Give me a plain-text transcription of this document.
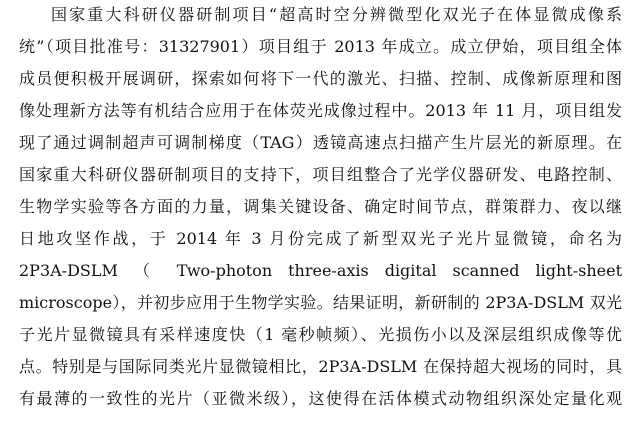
国家重大科研仪器研制项目“超高时空分辨微型化双光子在体显微成像系
统”（项目批准号：31327901）项目组于 2013 年成立。成立伊始，项目组全体
成员便积极开展调研，探索如何将下一代的激光、扫描、控制、成像新原理和图
像处理新方法等有机结合应用于在体荧光成像过程中。2013 年 11 月，项目组发
现了通过调制超声可调制梯度（TAG）透镜高速点扫描产生片层光的新原理。在
国家重大科研仪器研制项目的支持下，项目组整合了光学仪器研发、电路控制、
生物学实验等各方面的力量，调集关键设备、确定时间节点，群策群力、夜以继
日地攻坚作战，于 2014 年 3 月份完成了新型双光子光片显微镜，命名为
2P3A-DSLM （ Two-photon three-axis digital scanned light-sheet
microscope），并初步应用于生物学实验。结果证明，新研制的 2P3A-DSLM 双光
子光片显微镜具有采样速度快（1 毫秒帧频）、光损伤小以及深层组织成像等优
点。特别是与国际同类光片显微镜相比，2P3A-DSLM 在保持超大视场的同时，具
有最薄的一致性的光片（亚微米级），这使得在活体模式动物组织深处定量化观
